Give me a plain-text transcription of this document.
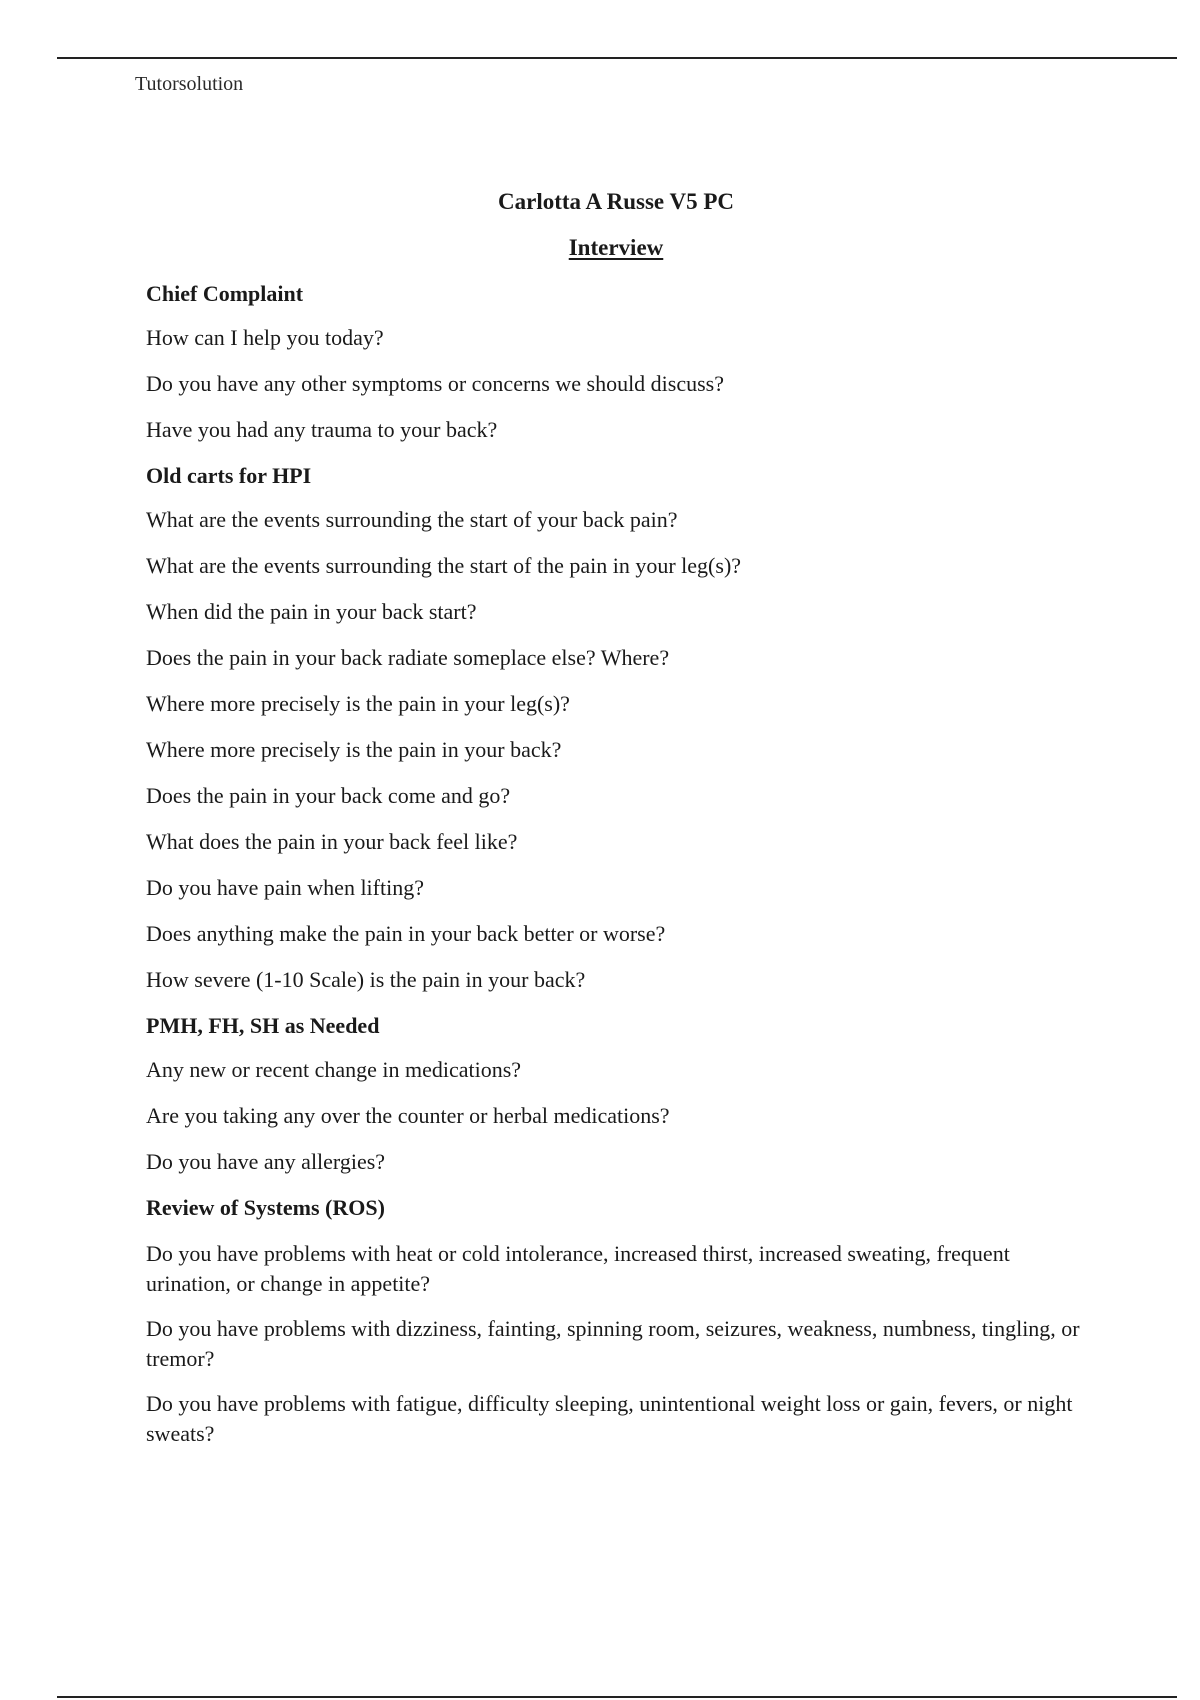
Tutorsolution

Carlotta A Russe V5 PC
Interview

Chief Complaint

How can I help you today?

Do you have any other symptoms or concerns we should discuss?

Have you had any trauma to your back?

Old carts for HPI

What are the events surrounding the start of your back pain?

What are the events surrounding the start of the pain in your leg(s)?

When did the pain in your back start?

Does the pain in your back radiate someplace else? Where?

Where more precisely is the pain in your leg(s)?

Where more precisely is the pain in your back?

Does the pain in your back come and go?

What does the pain in your back feel like?

Do you have pain when lifting?

Does anything make the pain in your back better or worse?

How severe (1-10 Scale) is the pain in your back?

PMH, FH, SH as Needed

Any new or recent change in medications?

Are you taking any over the counter or herbal medications?

Do you have any allergies?

Review of Systems (ROS)

Do you have problems with heat or cold intolerance, increased thirst, increased sweating, frequent urination, or change in appetite?

Do you have problems with dizziness, fainting, spinning room, seizures, weakness, numbness, tingling, or tremor?

Do you have problems with fatigue, difficulty sleeping, unintentional weight loss or gain, fevers, or night sweats?
